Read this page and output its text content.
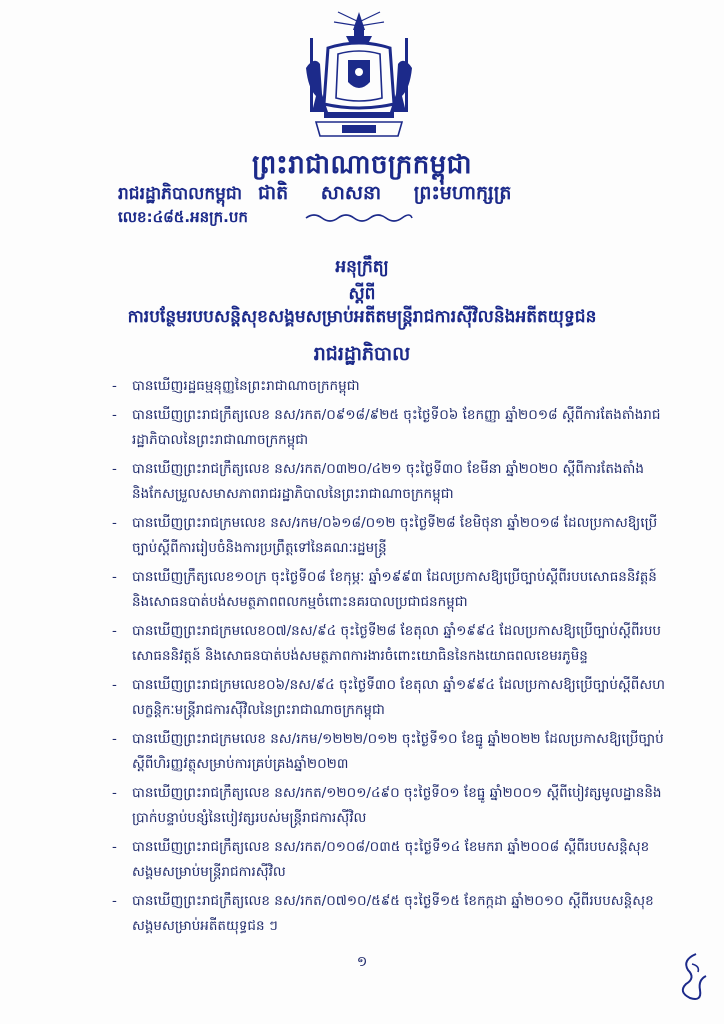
ព្រះរាជាណាចក្រកម្ពុជា
រាជរដ្ឋាភិបាលកម្ពុជា ជាតិ សាសនា ព្រះមហាក្សត្រ
លេខ:៤៨៥.អនក្រ.បក
អនុក្រឹត្យ
ស្តីពី
ការបន្ថែមរបបសន្តិសុខសង្គមសម្រាប់អតីតមន្ត្រីរាជការស៊ីវិលនិងអតីតយុទ្ធជន
រាជរដ្ឋាភិបាល
- បានឃើញរដ្ឋធម្មនុញ្ញនៃព្រះរាជាណាចក្រកម្ពុជា
- បានឃើញព្រះរាជក្រឹត្យលេខ នស/រកត/០៩១៨/៩២៥ ចុះថ្ងៃទី០៦ ខែកញ្ញា ឆ្នាំ២០១៨ ស្តីពីការតែងតាំងរាជរដ្ឋាភិបាលនៃព្រះរាជាណាចក្រកម្ពុជា
- បានឃើញព្រះរាជក្រឹត្យលេខ នស/រកត/០៣២០/៤២១ ចុះថ្ងៃទី៣០ ខែមីនា ឆ្នាំ២០២០ ស្តីពីការតែងតាំងនិងកែសម្រួលសមាសភាពរាជរដ្ឋាភិបាលនៃព្រះរាជាណាចក្រកម្ពុជា
- បានឃើញព្រះរាជក្រមលេខ នស/រកម/០៦១៨/០១២ ចុះថ្ងៃទី២៨ ខែមិថុនា ឆ្នាំ២០១៨ ដែលប្រកាសឱ្យប្រើច្បាប់ស្តីពីការរៀបចំនិងការប្រព្រឹត្តទៅនៃគណៈរដ្ឋមន្ត្រី
- បានឃើញក្រឹត្យលេខ១០ក្រ ចុះថ្ងៃទី០៨ ខែកុម្ភៈ ឆ្នាំ១៩៩៣ ដែលប្រកាសឱ្យប្រើច្បាប់ស្តីពីរបបសោធននិវត្តន៍និងសោធនបាត់បង់សមត្ថភាពពលកម្មចំពោះនគរបាលប្រជាជនកម្ពុជា
- បានឃើញព្រះរាជក្រមលេខ០៧/នស/៩៤ ចុះថ្ងៃទី២៨ ខែតុលា ឆ្នាំ១៩៩៤ ដែលប្រកាសឱ្យប្រើច្បាប់ស្តីពីរបបសោធននិវត្តន៍ និងសោធនបាត់បង់សមត្ថភាពការងារចំពោះយោធិននៃកងយោធពលខេមរភូមិន្ទ
- បានឃើញព្រះរាជក្រមលេខ០៦/នស/៩៤ ចុះថ្ងៃទី៣០ ខែតុលា ឆ្នាំ១៩៩៤ ដែលប្រកាសឱ្យប្រើច្បាប់ស្តីពីសហលក្ខន្តិកៈមន្ត្រីរាជការស៊ីវិលនៃព្រះរាជាណាចក្រកម្ពុជា
- បានឃើញព្រះរាជក្រមលេខ នស/រកម/១២២២/០១២ ចុះថ្ងៃទី១០ ខែធ្នូ ឆ្នាំ២០២២ ដែលប្រកាសឱ្យប្រើច្បាប់ស្តីពីហិរញ្ញវត្ថុសម្រាប់ការគ្រប់គ្រងឆ្នាំ២០២៣
- បានឃើញព្រះរាជក្រឹត្យលេខ នស/រកត/១២០១/៤៩០ ចុះថ្ងៃទី០១ ខែធ្នូ ឆ្នាំ២០០១ ស្តីពីបៀវត្សមូលដ្ឋាននិងប្រាក់បន្ទាប់បន្សំនៃបៀវត្សរបស់មន្ត្រីរាជការស៊ីវិល
- បានឃើញព្រះរាជក្រឹត្យលេខ នស/រកត/០១០៨/០៣៥ ចុះថ្ងៃទី១៤ ខែមករា ឆ្នាំ២០០៨ ស្តីពីរបបសន្តិសុខសង្គមសម្រាប់មន្ត្រីរាជការស៊ីវិល
- បានឃើញព្រះរាជក្រឹត្យលេខ នស/រកត/០៧១០/៥៩៥ ចុះថ្ងៃទី១៥ ខែកក្កដា ឆ្នាំ២០១០ ស្តីពីរបបសន្តិសុខសង្គមសម្រាប់អតីតយុទ្ធជន ៗ
១
